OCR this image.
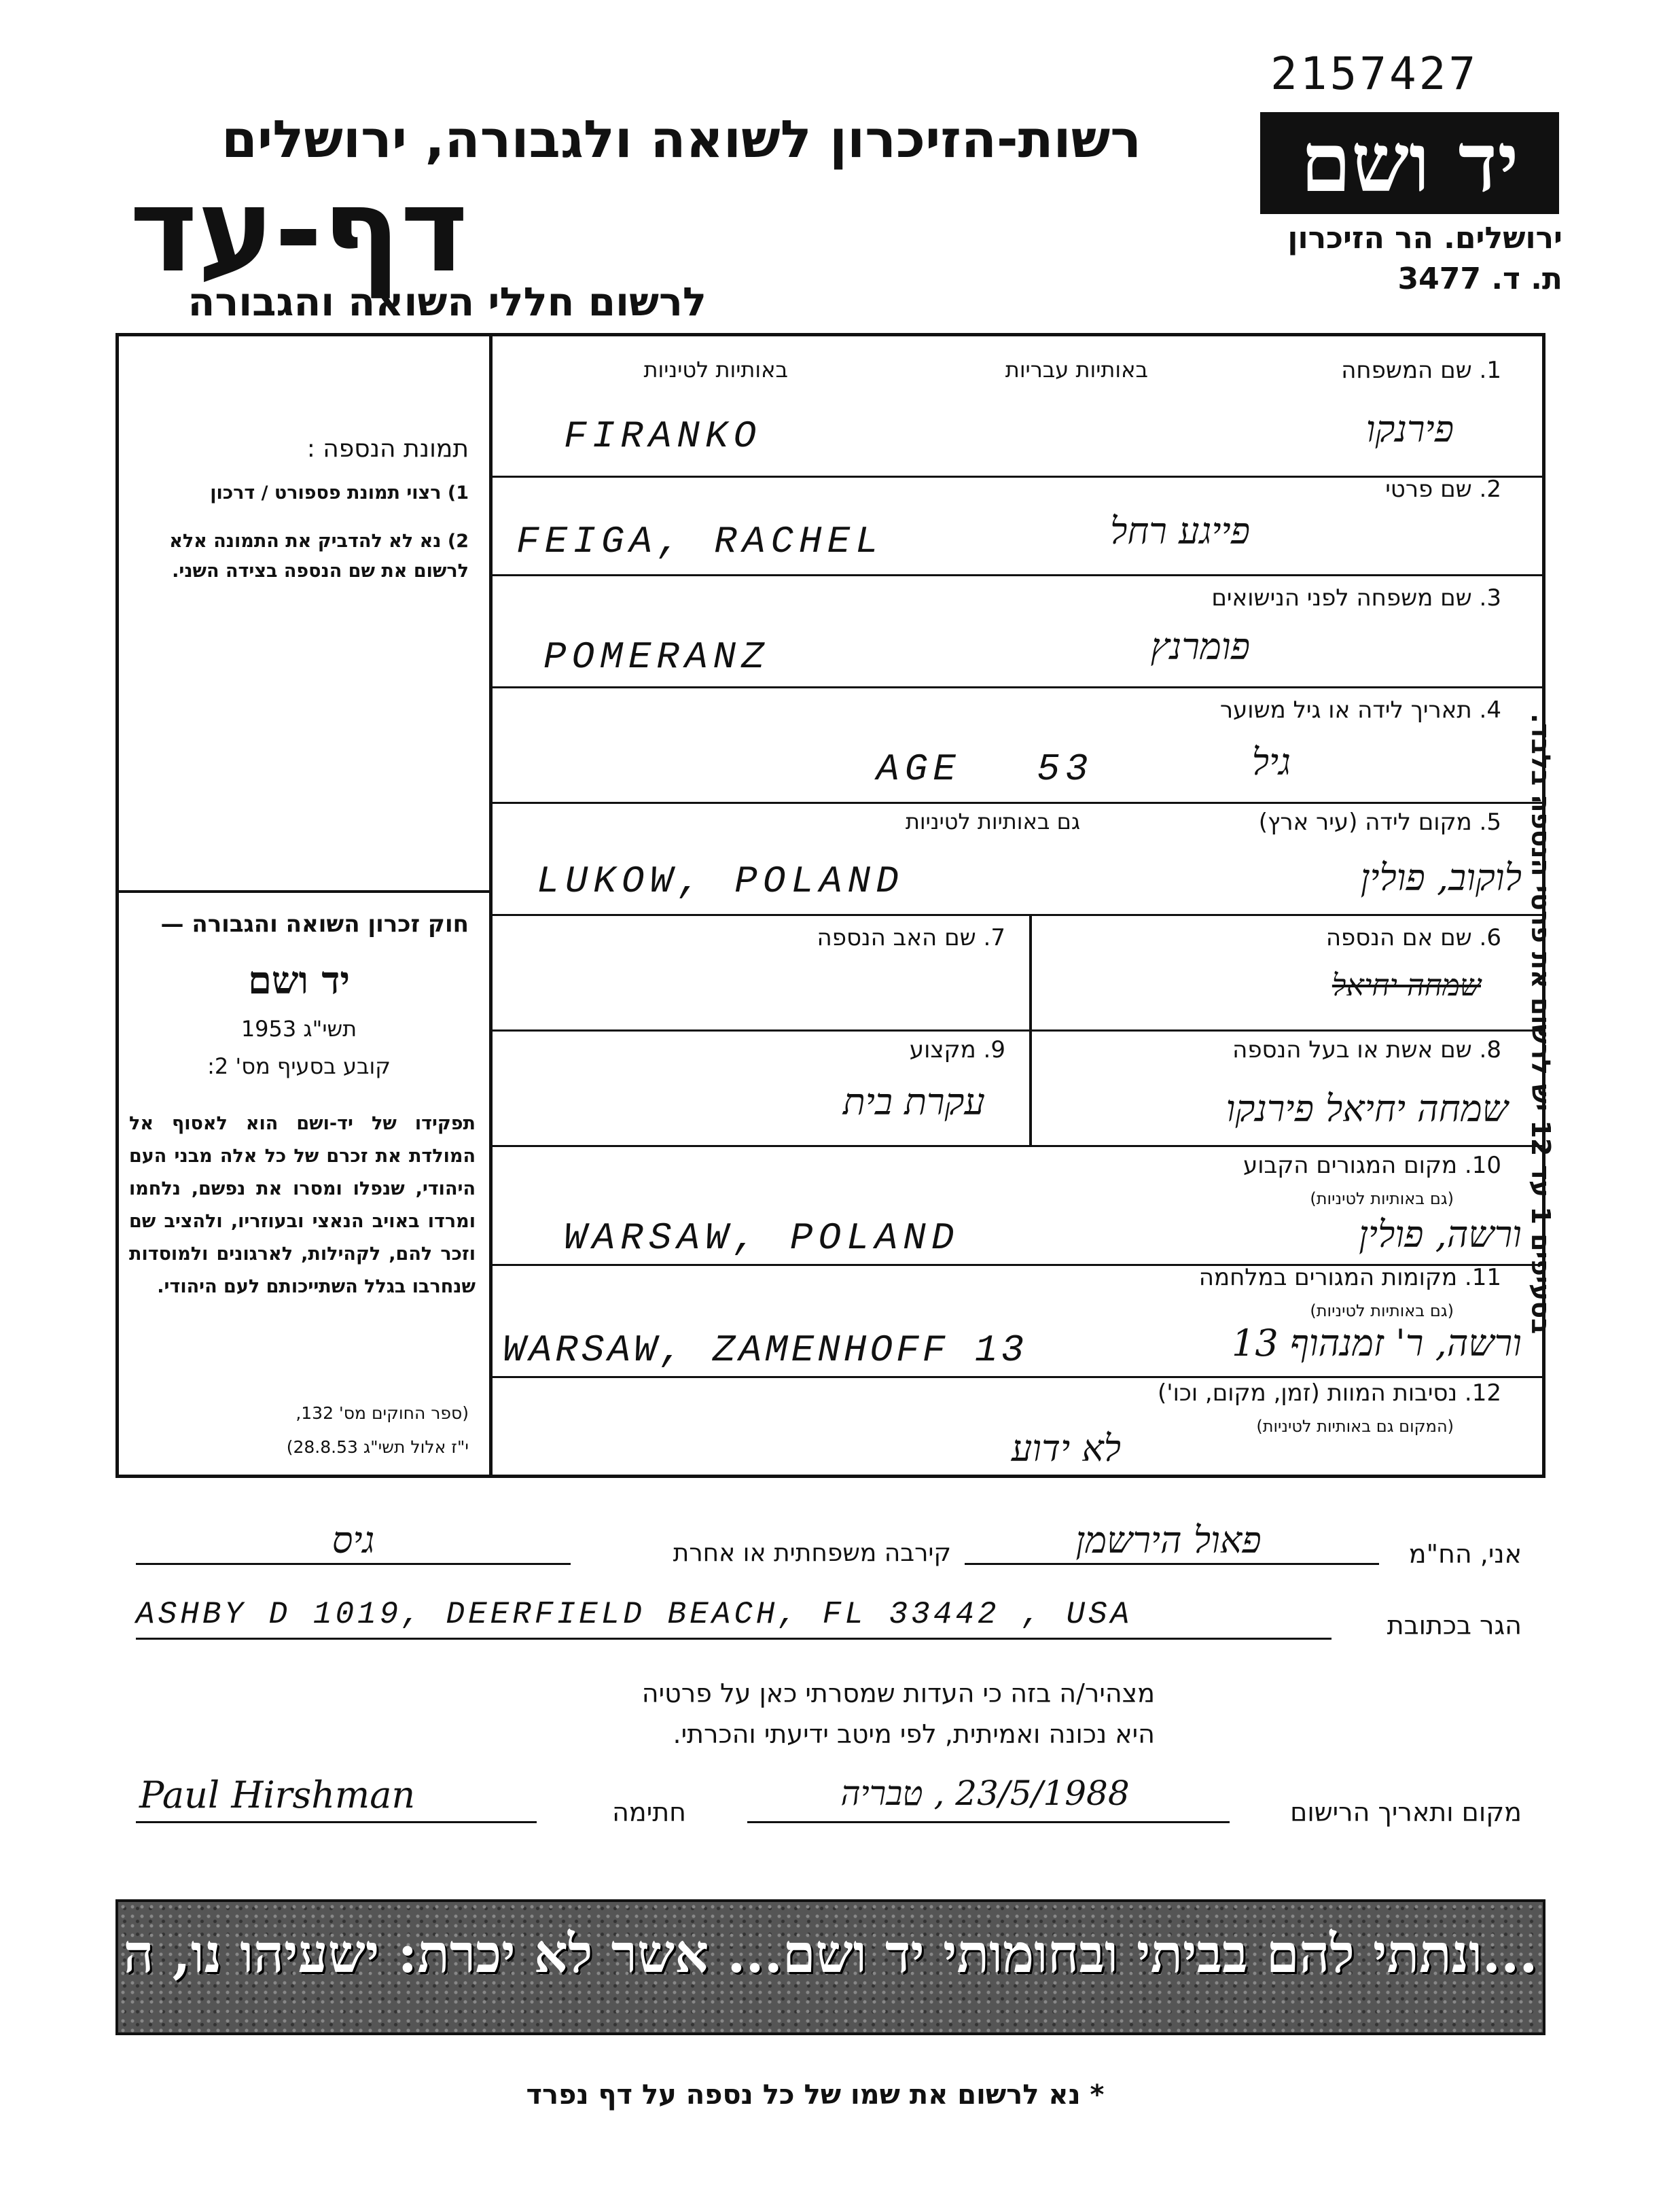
2157427
יד ושם
ירושלים. הר הזיכרון
ת. ד. 3477
רשות-הזיכרון לשואה ולגבורה, ירושלים
דף-עד
לרשום חללי השואה והגבורה
תמונת הנספה :
1) רצוי תמונת פספורט / דרכון
2) נא לא להדביק את התמונה אלא לרשום את שם הנספה בצידה השני.
חוק זכרון השואה והגבורה —
יד ושם
תשי"ג 1953
קובע בסעיף מס' 2:
תפקידו של יד-ושם הוא לאסוף אל המולדת את זכרם של כל אלה מבני העם היהודי, שנפלו ומסרו את נפשם, נלחמו ומרדו באויב הנאצי ובעוזריו, ולהציב שם וזכר להם, לקהילות, לארגונים ולמוסדות שנחרבו בגלל השתייכותם לעם היהודי.
(ספר החוקים מס' 132,
י"ז אלול תשי"ג 28.8.53)
1. שם המשפחה
באותיות עבריות
באותיות לטיניות
FIRANKO	פירנקו
2. שם פרטי
FEIGA, RACHEL	פייגע רחל
3. שם משפחה לפני הנישואים
POMERANZ	פומרנץ
4. תאריך לידה או גיל משוער
AGE 53	גיל
5. מקום לידה (עיר ארץ)
גם באותיות לטיניות
LUKOW, POLAND	לוקוב, פולין
6. שם אם הנספה
שמחה יחיאל
7. שם האב הנספה
8. שם אשת או בעל הנספה
שמחה יחיאל פירנקו
9. מקצוע
עקרת בית
10. מקום המגורים הקבוע
(גם באותיות לטיניות)
WARSAW, POLAND	ורשה, פולין
11. מקומות המגורים במלחמה
(גם באותיות לטיניות)
WARSAW, ZAMENHOFF 13	ורשה, ר' זמנהוף 13
12. נסיבות המוות (זמן, מקום, וכו')
(המקום גם באותיות לטיניות)
לא ידוע
אני, הח"מ
פאול הירשמן
קירבה משפחתית או אחרת
גיס
הגר בכתובת
ASHBY D 1019, DEERFIELD BEACH, FL 33442 , USA
מצהיר/ה בזה כי העדות שמסרתי כאן על פרטיה
היא נכונה ואמיתית, לפי מיטב ידיעתי והכרתי.
מקום ותאריך הרישום
23/5/1988 , טבריה
חתימה
Paul Hirshman
בסעיפים 1 עד 12 יש לרשום את פרטי הנספה בלבד.
...ונתתי להם בביתי ובחומותי יד ושם... אשר לא יכרת: ישעיהו נו, ה
* נא לרשום את שמו של כל נספה על דף נפרד
